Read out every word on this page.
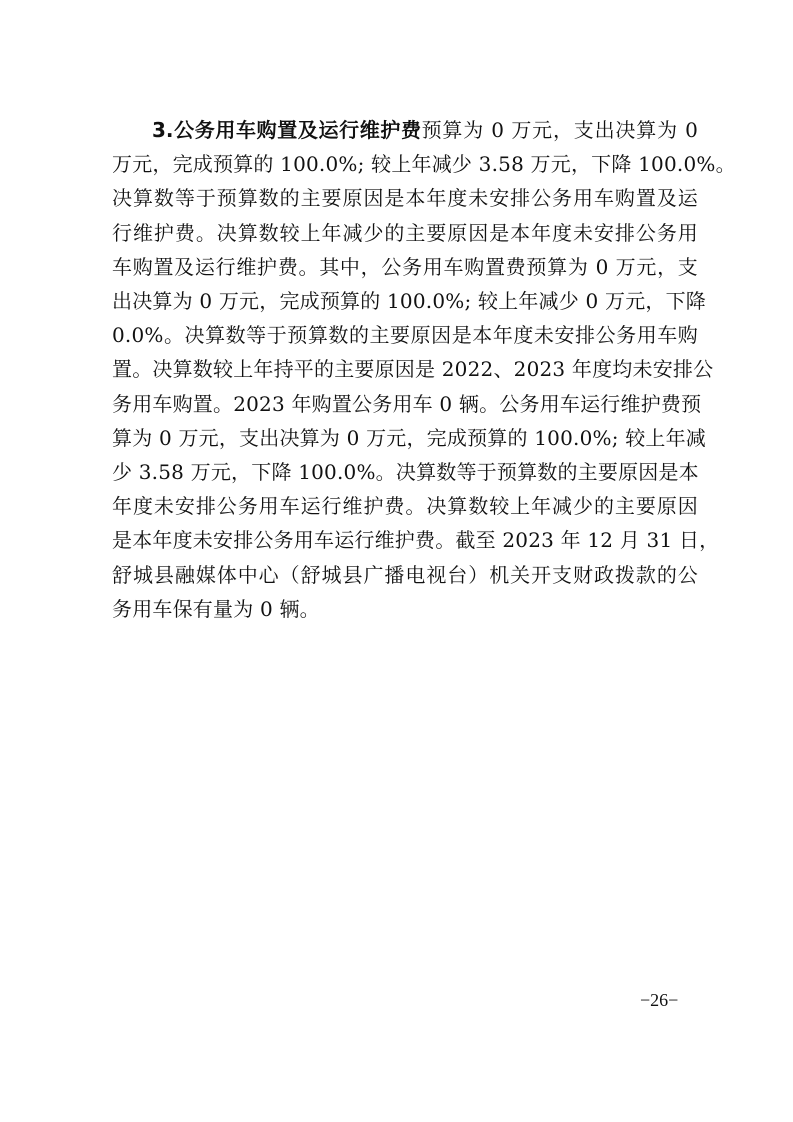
3.公务用车购置及运行维护费预算为 0 万元，支出决算为 0
万元，完成预算的 100.0%; 较上年减少 3.58 万元，下降 100.0%。
决算数等于预算数的主要原因是本年度未安排公务用车购置及运
行维护费。决算数较上年减少的主要原因是本年度未安排公务用
车购置及运行维护费。其中，公务用车购置费预算为 0 万元，支
出决算为 0 万元，完成预算的 100.0%; 较上年减少 0 万元，下降
0.0%。决算数等于预算数的主要原因是本年度未安排公务用车购
置。决算数较上年持平的主要原因是 2022、2023 年度均未安排公
务用车购置。2023 年购置公务用车 0 辆。公务用车运行维护费预
算为 0 万元，支出决算为 0 万元，完成预算的 100.0%; 较上年减
少 3.58 万元，下降 100.0%。决算数等于预算数的主要原因是本
年度未安排公务用车运行维护费。决算数较上年减少的主要原因
是本年度未安排公务用车运行维护费。截至 2023 年 12 月 31 日，
舒城县融媒体中心（舒城县广播电视台）机关开支财政拨款的公
务用车保有量为 0 辆。
−26−
